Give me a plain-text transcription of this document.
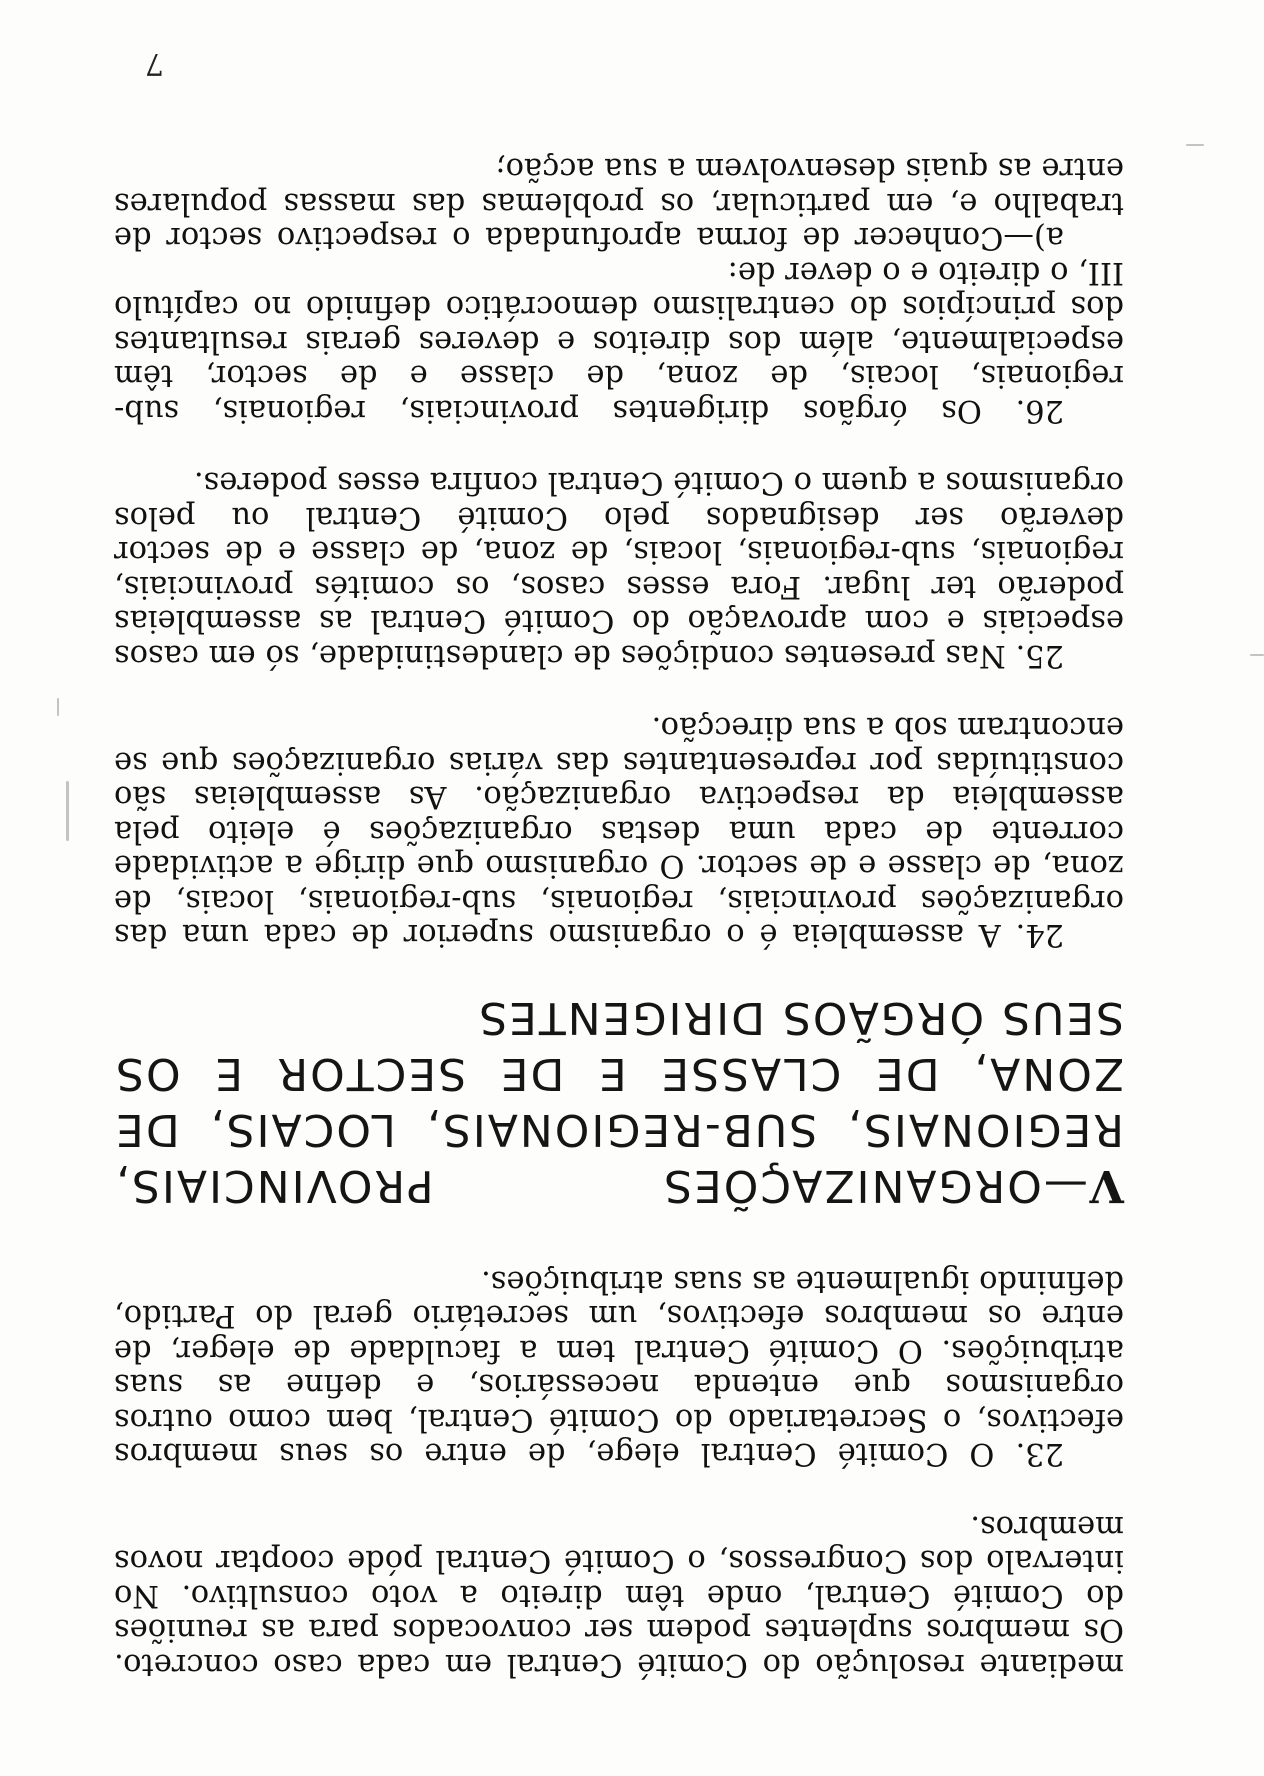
mediante resolução do Comité Central em cada caso concreto. Os membros suplentes podem ser convocados para as reuniões do Comité Central, onde têm direito a voto consultivo. No intervalo dos Congressos, o Comité Central póde cooptar novos membros.

23. O Comité Central elege, de entre os seus membros efectivos, o Secretariado do Comité Central, bem como outros organismos que entenda necessários, e define as suas atribuições. O Comité Central tem a faculdade de eleger, de entre os membros efectivos, um secretário geral do Partido, definindo igualmente as suas atribuições.

V—ORGANIZAÇÕES PROVINCIAIS, REGIONAIS, SUB-REGIONAIS, LOCAIS, DE ZONA, DE CLASSE E DE SECTOR E OS SEUS ÓRGÃOS DIRIGENTES

24. A assembleia é o organismo superior de cada uma das organizações provinciais, regionais, sub-regionais, locais, de zona, de classe e de sector. O organismo que dirige a actividade corrente de cada uma destas organizações é eleito pela assembleia da respectiva organização. As assembleias são constituídas por representantes das várias organizações que se encontram sob a sua direcção.

25. Nas presentes condições de clandestinidade, só em casos especiais e com aprovação do Comité Central as assembleias poderão ter lugar. Fora esses casos, os comités provinciais, regionais, sub-regionais, locais, de zona, de classe e de sector deverão ser designados pelo Comité Central ou pelos organismos a quem o Comité Central confira esses poderes.

26. Os órgãos dirigentes provinciais, regionais, sub-regionais, locais, de zona, de classe e de sector, têm especialmente, além dos direitos e deveres gerais resultantes dos princípios do centralismo democrático definido no capítulo III, o direito e o dever de:

a)—Conhecer de forma aprofundada o respectivo sector de trabalho e, em particular, os problemas das massas populares entre as quais desenvolvem a sua acção;

7
